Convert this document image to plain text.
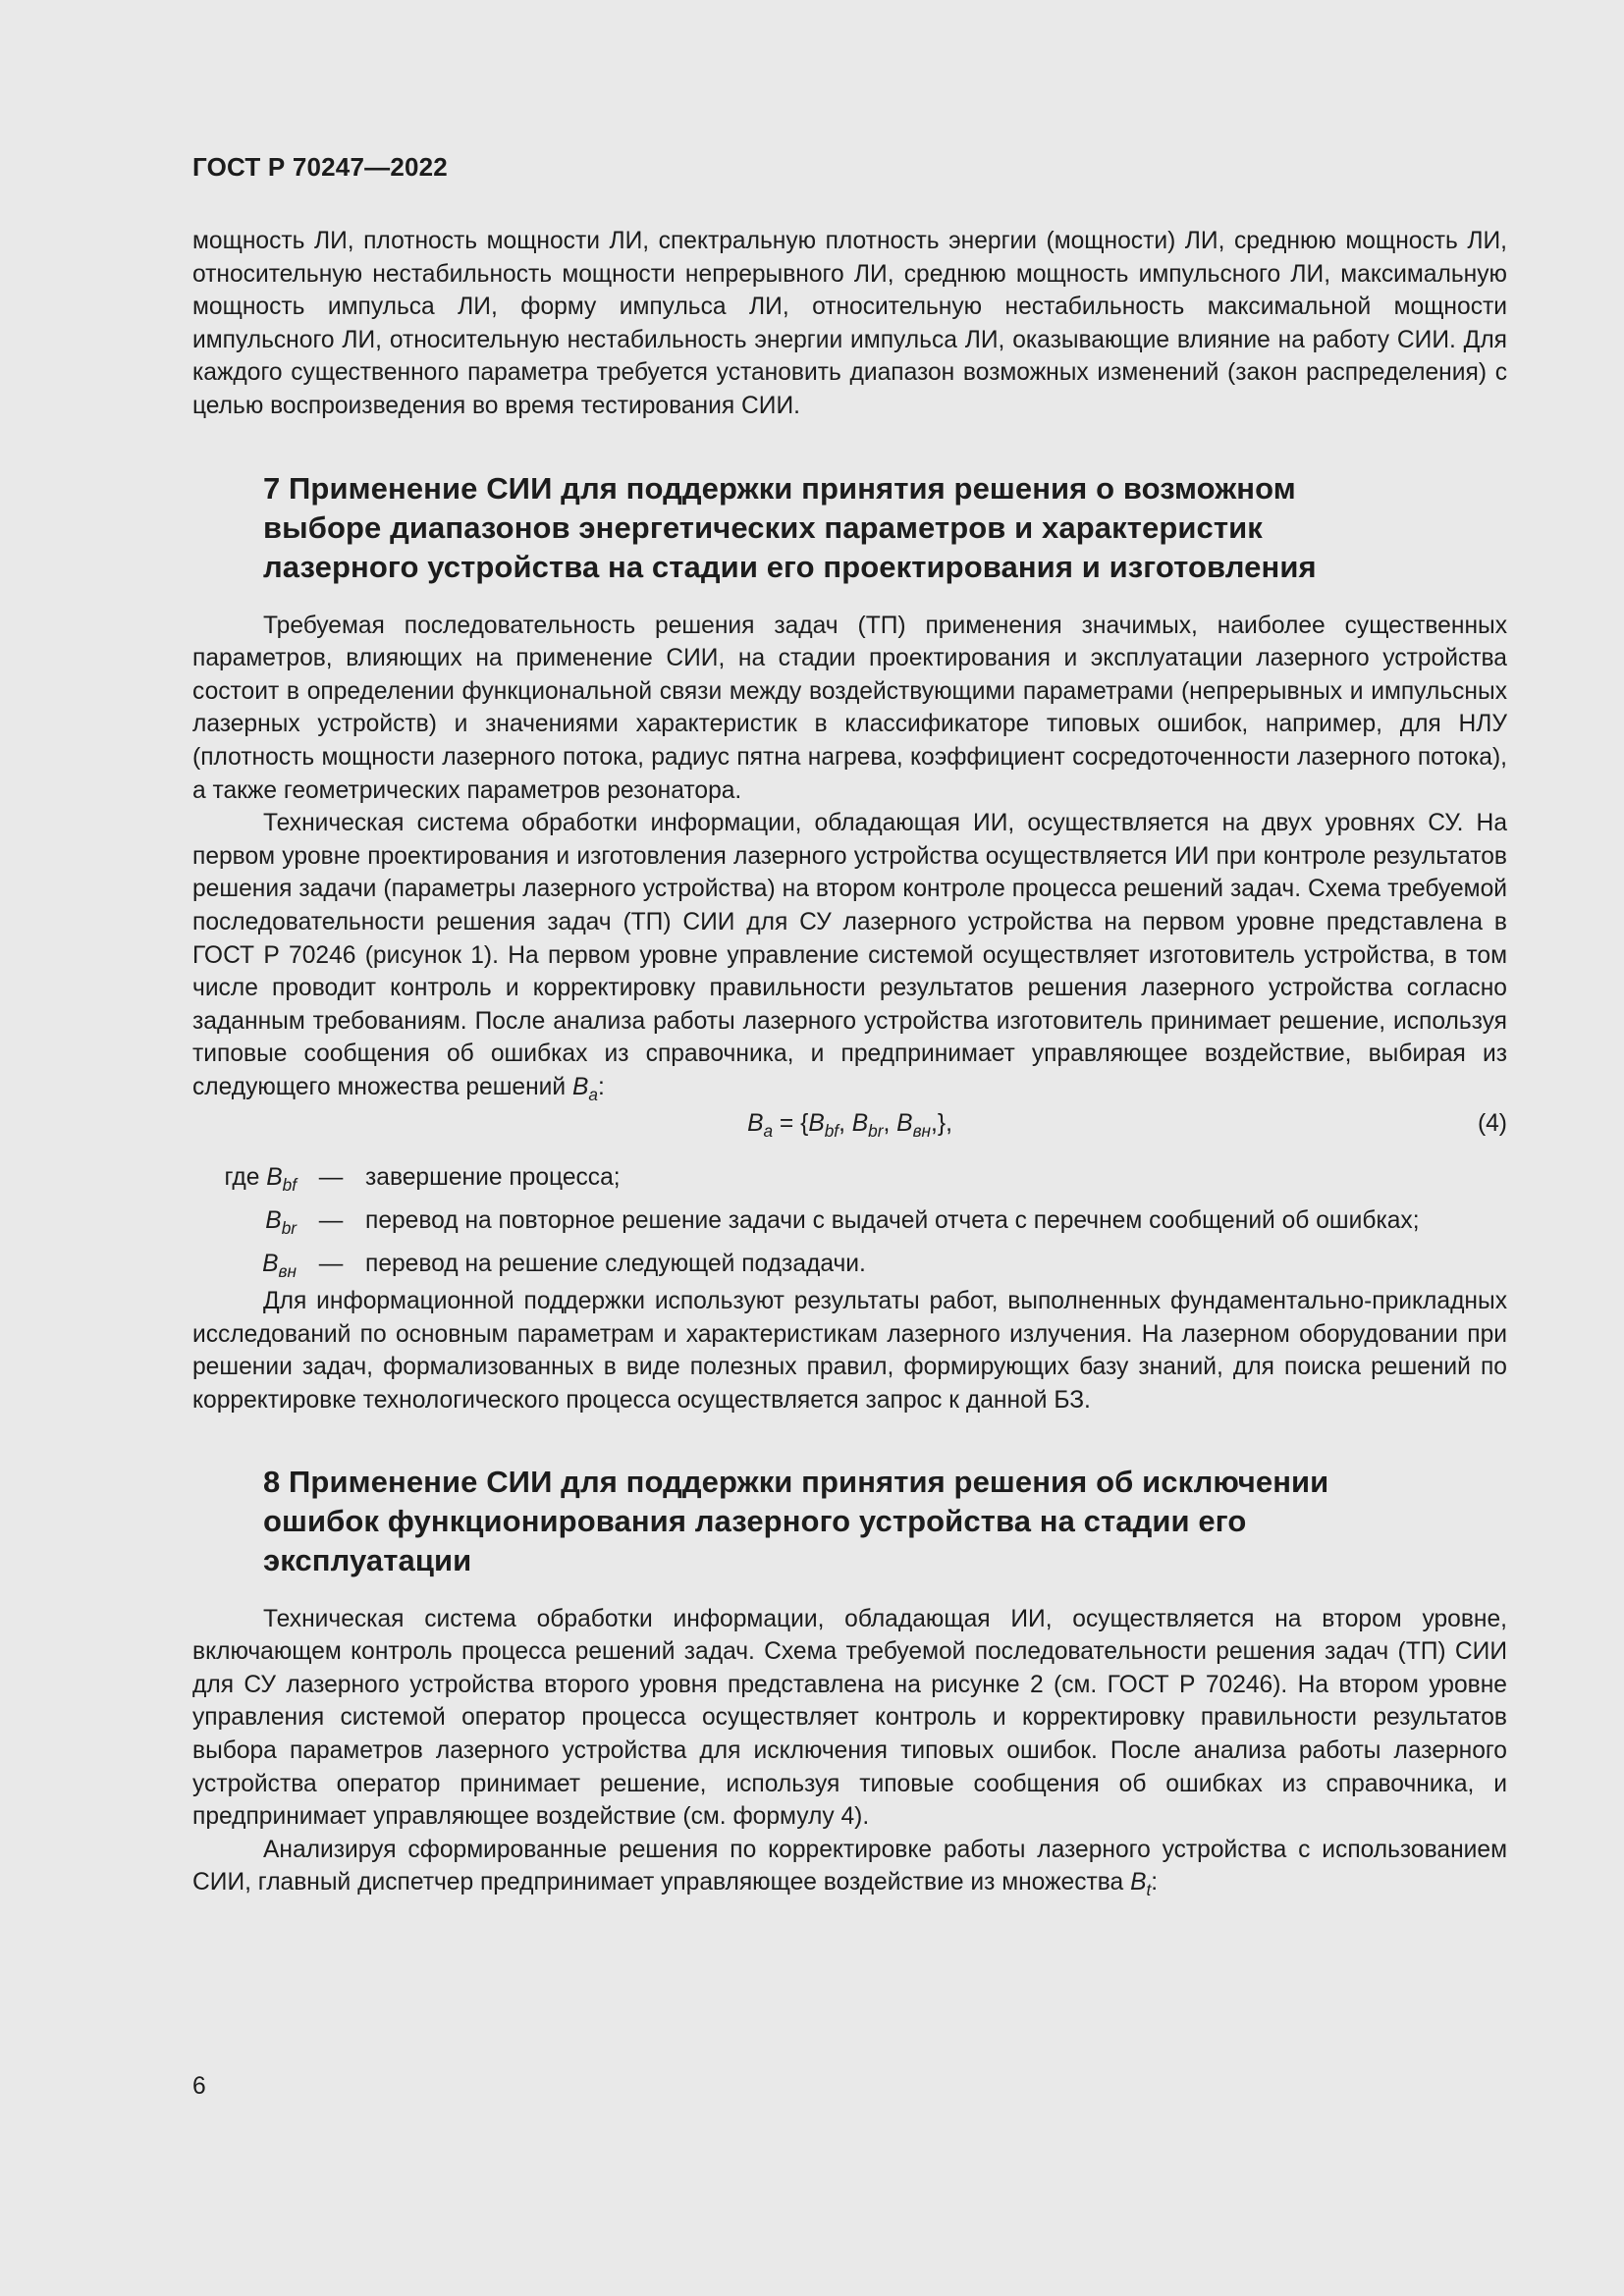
ГОСТ Р 70247—2022

мощность ЛИ, плотность мощности ЛИ, спектральную плотность энергии (мощности) ЛИ, среднюю мощность ЛИ, относительную нестабильность мощности непрерывного ЛИ, среднюю мощность импульсного ЛИ, максимальную мощность импульса ЛИ, форму импульса ЛИ, относительную нестабильность максимальной мощности импульсного ЛИ, относительную нестабильность энергии импульса ЛИ, оказывающие влияние на работу СИИ. Для каждого существенного параметра требуется установить диапазон возможных изменений (закон распределения) с целью воспроизведения во время тестирования СИИ.

7 Применение СИИ для поддержки принятия решения о возможном
выборе диапазонов энергетических параметров и характеристик
лазерного устройства на стадии его проектирования и изготовления

Требуемая последовательность решения задач (ТП) применения значимых, наиболее существенных параметров, влияющих на применение СИИ, на стадии проектирования и эксплуатации лазерного устройства состоит в определении функциональной связи между воздействующими параметрами (непрерывных и импульсных лазерных устройств) и значениями характеристик в классификаторе типовых ошибок, например, для НЛУ (плотность мощности лазерного потока, радиус пятна нагрева, коэффициент сосредоточенности лазерного потока), а также геометрических параметров резонатора.

Техническая система обработки информации, обладающая ИИ, осуществляется на двух уровнях СУ. На первом уровне проектирования и изготовления лазерного устройства осуществляется ИИ при контроле результатов решения задачи (параметры лазерного устройства) на втором контроле процесса решений задач. Схема требуемой последовательности решения задач (ТП) СИИ для СУ лазерного устройства на первом уровне представлена в ГОСТ Р 70246 (рисунок 1). На первом уровне управление системой осуществляет изготовитель устройства, в том числе проводит контроль и корректировку правильности результатов решения лазерного устройства согласно заданным требованиям. После анализа работы лазерного устройства изготовитель принимает решение, используя типовые сообщения об ошибках из справочника, и предпринимает управляющее воздействие, выбирая из следующего множества решений $B_a$:

$B_a = \{B_{bf}$, $B_{br}$, $B_{вн}$,},	(4)
где $B_{bf}$	—	завершение процесса;
$B_{br}$	—	перевод на повторное решение задачи с выдачей отчета с перечнем сообщений об ошибках;
$B_{вн}$	—	перевод на решение следующей подзадачи.

Для информационной поддержки используют результаты работ, выполненных фундаментально-прикладных исследований по основным параметрам и характеристикам лазерного излучения. На лазерном оборудовании при решении задач, формализованных в виде полезных правил, формирующих базу знаний, для поиска решений по корректировке технологического процесса осуществляется запрос к данной БЗ.

8 Применение СИИ для поддержки принятия решения об исключении
ошибок функционирования лазерного устройства на стадии его
эксплуатации

Техническая система обработки информации, обладающая ИИ, осуществляется на втором уровне, включающем контроль процесса решений задач. Схема требуемой последовательности решения задач (ТП) СИИ для СУ лазерного устройства второго уровня представлена на рисунке 2 (см. ГОСТ Р 70246). На втором уровне управления системой оператор процесса осуществляет контроль и корректировку правильности результатов выбора параметров лазерного устройства для исключения типовых ошибок. После анализа работы лазерного устройства оператор принимает решение, используя типовые сообщения об ошибках из справочника, и предпринимает управляющее воздействие (см. формулу 4).

Анализируя сформированные решения по корректировке работы лазерного устройства с использованием СИИ, главный диспетчер предпринимает управляющее воздействие из множества $B_t$:

6
